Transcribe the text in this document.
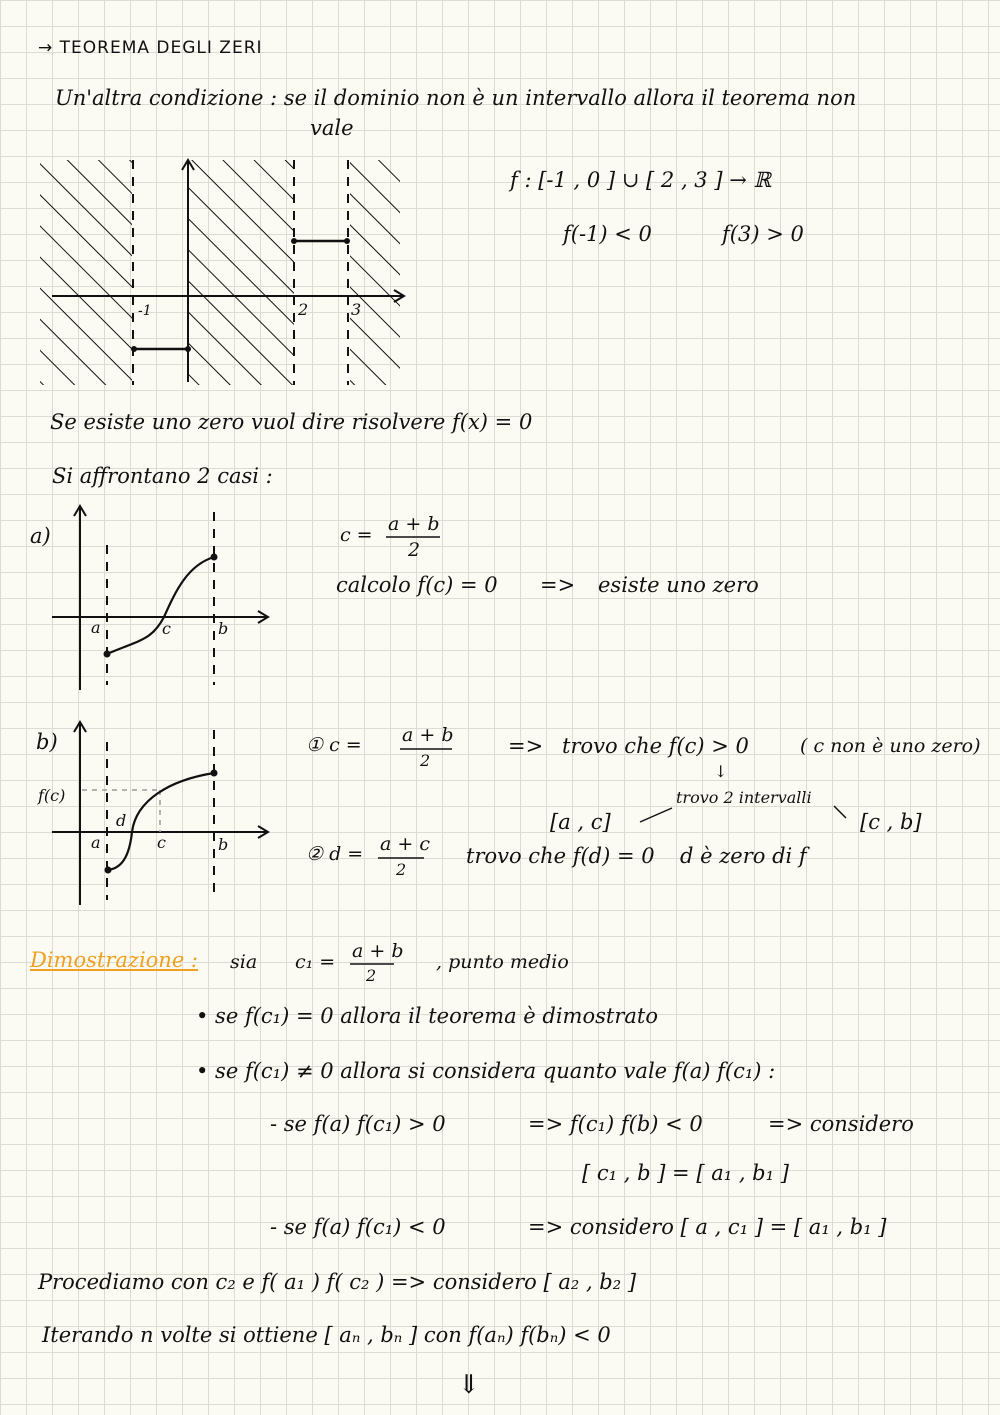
→ TEOREMA DEGLI ZERI
Un'altra condizione : se il dominio non è un intervallo allora il teorema non
vale
-1	2	3
f : [-1 , 0 ] ∪ [ 2 , 3 ] → ℝ
f(-1) < 0	f(3) > 0
Se esiste uno zero vuol dire risolvere f(x) = 0
Si affrontano 2 casi :
a)
a	c	b
c = a + b
2
calcolo f(c) = 0 => esiste uno zero
b)
f(c)
a
d
c	b
① c = a + b
2
=> trovo che f(c) > 0	( c non è uno zero)
↓
trovo 2 intervalli
[a , c]	[c , b]
② d = a + c
2
trovo che f(d) = 0 d è zero di f
Dimostrazione : sia c₁ = a + b
2
, punto medio
• se f(c₁) = 0 allora il teorema è dimostrato
• se f(c₁) ≠ 0 allora si considera quanto vale f(a) f(c₁) :
- se f(a) f(c₁) > 0	=> f(c₁) f(b) < 0	=> considero
[ c₁ , b ] = [ a₁ , b₁ ]
- se f(a) f(c₁) < 0	=> considero [ a , c₁ ] = [ a₁ , b₁ ]
Procediamo con c₂ e f( a₁ ) f( c₂ ) => considero [ a₂ , b₂ ]
Iterando n volte si ottiene [ aₙ , bₙ ] con f(aₙ) f(bₙ) < 0
⇓
